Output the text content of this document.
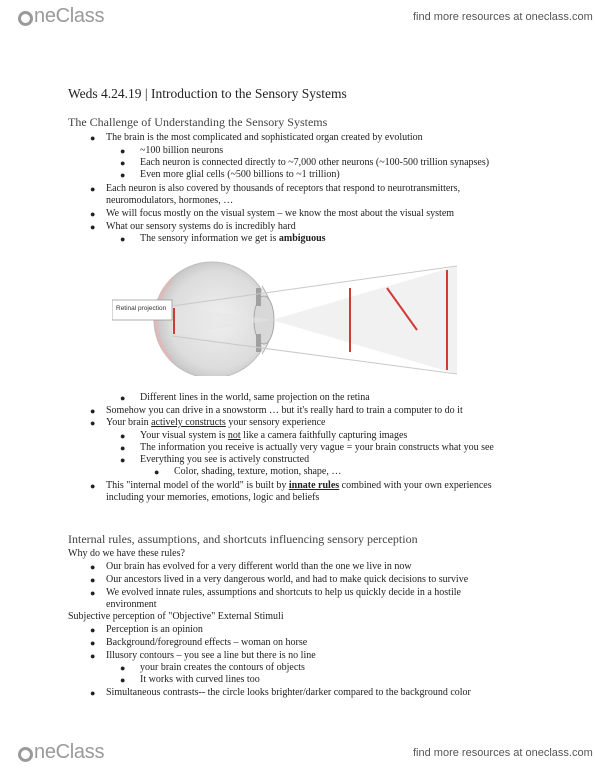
neClass	find more resources at oneclass.com
Weds 4.24.19 | Introduction to the Sensory Systems
The Challenge of Understanding the Sensory Systems
● The brain is the most complicated and sophisticated organ created by evolution
● ~100 billion neurons
● Each neuron is connected directly to ~7,000 other neurons (~100-500 trillion synapses)
● Even more glial cells (~500 billions to ~1 trillion)
● Each neuron is also covered by thousands of receptors that respond to neurotransmitters,
neuromodulators, hormones, …
● We will focus mostly on the visual system – we know the most about the visual system
● What our sensory systems do is incredibly hard
● The sensory information we get is ambiguous
Retinal projection
● Different lines in the world, same projection on the retina
● Somehow you can drive in a snowstorm … but it's really hard to train a computer to do it
● Your brain actively constructs your sensory experience
● Your visual system is not like a camera faithfully capturing images
● The information you receive is actually very vague = your brain constructs what you see
● Everything you see is actively constructed
● Color, shading, texture, motion, shape, …
● This "internal model of the world" is built by innate rules combined with your own experiences
including your memories, emotions, logic and beliefs
Internal rules, assumptions, and shortcuts influencing sensory perception
Why do we have these rules?
● Our brain has evolved for a very different world than the one we live in now
● Our ancestors lived in a very dangerous world, and had to make quick decisions to survive
● We evolved innate rules, assumptions and shortcuts to help us quickly decide in a hostile
environment
Subjective perception of "Objective" External Stimuli
● Perception is an opinion
● Background/foreground effects – woman on horse
● Illusory contours – you see a line but there is no line
● your brain creates the contours of objects
● It works with curved lines too
● Simultaneous contrasts-- the circle looks brighter/darker compared to the background color
neClass	find more resources at oneclass.com
